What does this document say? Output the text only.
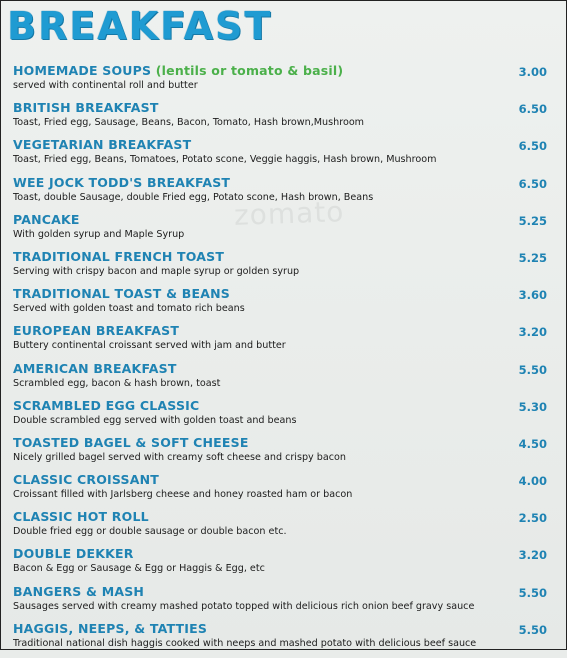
BREAKFAST
zomato
HOMEMADE SOUPS (lentils or tomato & basil)
served with continental roll and butter
3.00
BRITISH BREAKFAST
Toast, Fried egg, Sausage, Beans, Bacon, Tomato, Hash brown,Mushroom
6.50
VEGETARIAN BREAKFAST
Toast, Fried egg, Beans, Tomatoes, Potato scone, Veggie haggis, Hash brown, Mushroom
6.50
WEE JOCK TODD'S BREAKFAST
Toast, double Sausage, double Fried egg, Potato scone, Hash brown, Beans
6.50
PANCAKE
With golden syrup and Maple Syrup
5.25
TRADITIONAL FRENCH TOAST
Serving with crispy bacon and maple syrup or golden syrup
5.25
TRADITIONAL TOAST & BEANS
Served with golden toast and tomato rich beans
3.60
EUROPEAN BREAKFAST
Buttery continental croissant served with jam and butter
3.20
AMERICAN BREAKFAST
Scrambled egg, bacon & hash brown, toast
5.50
SCRAMBLED EGG CLASSIC
Double scrambled egg served with golden toast and beans
5.30
TOASTED BAGEL & SOFT CHEESE
Nicely grilled bagel served with creamy soft cheese and crispy bacon
4.50
CLASSIC CROISSANT
Croissant filled with Jarlsberg cheese and honey roasted ham or bacon
4.00
CLASSIC HOT ROLL
Double fried egg or double sausage or double bacon etc.
2.50
DOUBLE DEKKER
Bacon & Egg or Sausage & Egg or Haggis & Egg, etc
3.20
BANGERS & MASH
Sausages served with creamy mashed potato topped with delicious rich onion beef gravy sauce
5.50
HAGGIS, NEEPS, & TATTIES
Traditional national dish haggis cooked with neeps and mashed potato with delicious beef sauce
5.50
